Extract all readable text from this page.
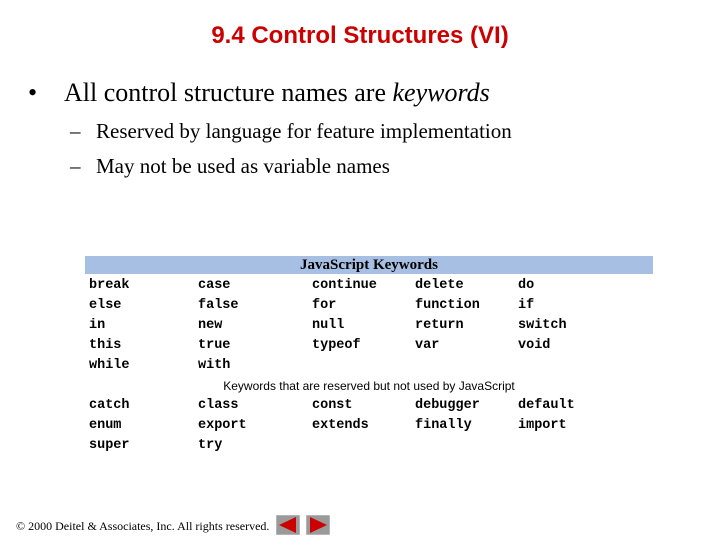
9.4 Control Structures (VI)
• All control structure names are keywords
– Reserved by language for feature implementation
– May not be used as variable names
JavaScript Keywords
break	case	continue	delete	do
else	false	for	function	if
in	new	null	return	switch
this	true	typeof	var	void
while	with
Keywords that are reserved but not used by JavaScript
catch	class	const	debugger	default
enum	export	extends	finally	import
super	try
© 2000 Deitel & Associates, Inc. All rights reserved.
